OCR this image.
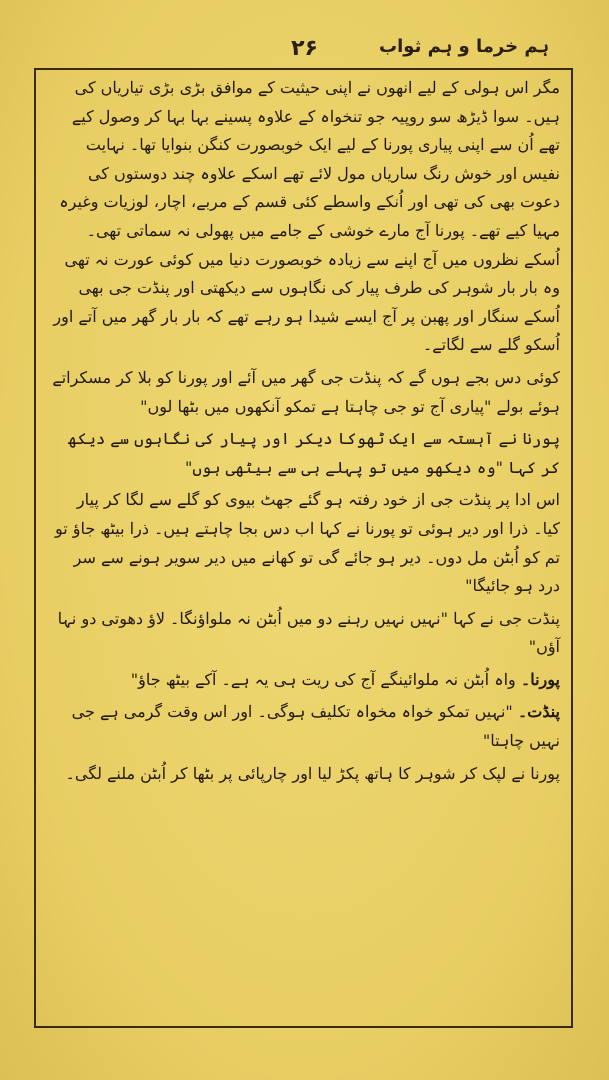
ہم خرما و ہم ثواب
۲۶

مگر اس ہولی کے لیے انھوں نے اپنی حیثیت کے موافق بڑی بڑی تیاریاں کی ہیں۔ سوا ڈیڑھ سو روپیہ جو تنخواہ کے علاوہ پسینے بہا بہا کر وصول کیے تھے اُن سے اپنی پیاری پورنا کے لیے ایک خوبصورت کنگن بنوایا تھا۔ نہایت نفیس اور خوش رنگ ساریاں مول لائے تھے اسکے علاوہ چند دوستوں کی دعوت بھی کی تھی اور اُنکے واسطے کئی قسم کے مربے، اچار، لوزیات وغیرہ مہیا کیے تھے۔ پورنا آج مارے خوشی کے جامے میں پھولی نہ سماتی تھی۔ اُسکے نظروں میں آج اپنے سے زیادہ خوبصورت دنیا میں کوئی عورت نہ تھی وہ بار بار شوہر کی طرف پیار کی نگاہوں سے دیکھتی اور پنڈت جی بھی اُسکے سنگار اور پھبن پر آج ایسے شیدا ہو رہے تھے کہ بار بار گھر میں آتے اور اُسکو گلے سے لگاتے۔

کوئی دس بجے ہوں گے کہ پنڈت جی گھر میں آئے اور پورنا کو بلا کر مسکراتے ہوئے بولے "پیاری آج تو جی چاہتا ہے تمکو آنکھوں میں بٹھا لوں"

پورنا نے آہستہ سے ایک ٹھوکا دیکر اور پیار کی نگاہوں سے دیکھ کر کہا "وہ دیکھو میں تو پہلے ہی سے بیٹھی ہوں"

اس ادا پر پنڈت جی از خود رفتہ ہو گئے جھٹ بیوی کو گلے سے لگا کر پیار کیا۔ ذرا اور دیر ہوئی تو پورنا نے کہا اب دس بجا چاہتے ہیں۔ ذرا بیٹھ جاؤ تو تم کو اُبٹن مل دوں۔ دیر ہو جائے گی تو کھانے میں دیر سویر ہونے سے سر درد ہو جائیگا"

پنڈت جی نے کہا "نہیں نہیں رہنے دو میں اُبٹن نہ ملواؤنگا۔ لاؤ دھوتی دو نہا آؤں"

پورنا۔ واہ اُبٹن نہ ملوائینگے آج کی ریت ہی یہ ہے۔ آکے بیٹھ جاؤ"

پنڈت۔ "نہیں تمکو خواہ مخواہ تکلیف ہوگی۔ اور اس وقت گرمی ہے جی نہیں چاہتا"

پورنا نے لپک کر شوہر کا ہاتھ پکڑ لیا اور چارپائی پر بٹھا کر اُبٹن ملنے لگی۔
